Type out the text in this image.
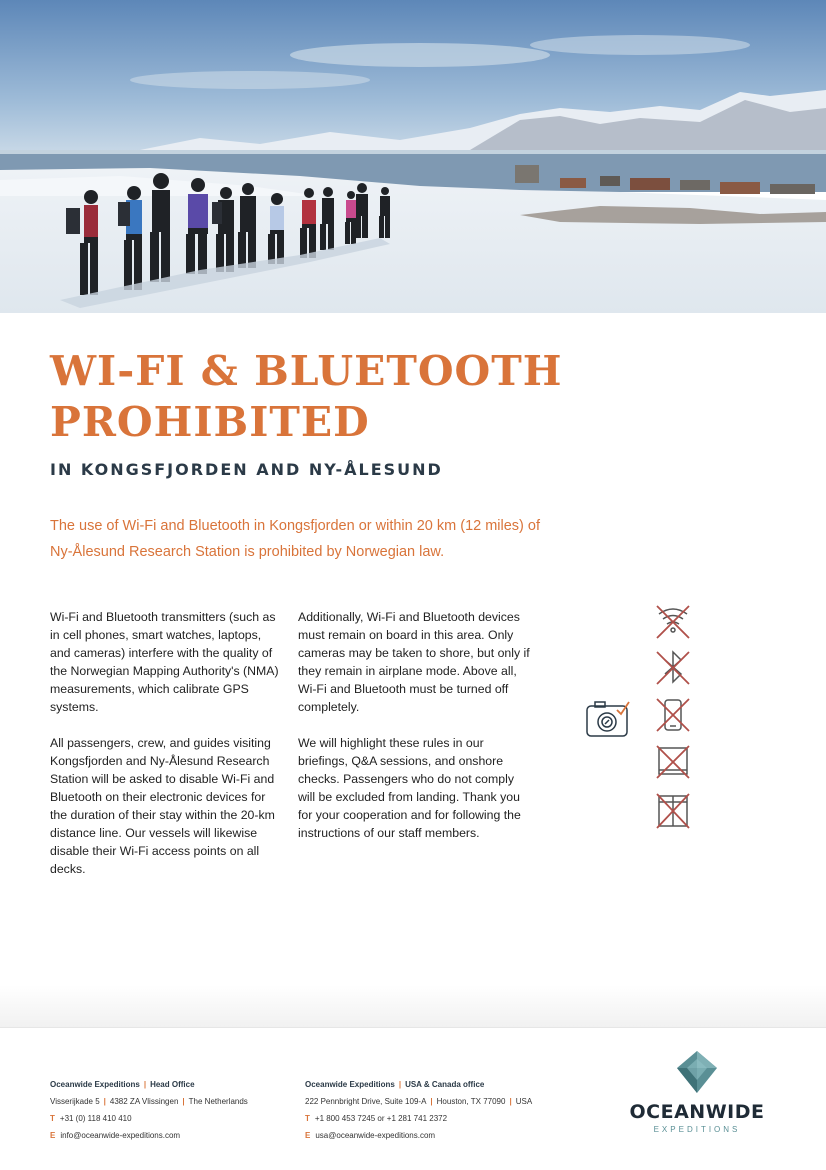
WI-FI & BLUETOOTH PROHIBITED
IN KONGSFJORDEN AND NY-ÅLESUND

The use of Wi-Fi and Bluetooth in Kongsfjorden or within 20 km (12 miles) of Ny-Ålesund Research Station is prohibited by Norwegian law.

Wi-Fi and Bluetooth transmitters (such as in cell phones, smart watches, laptops, and cameras) interfere with the quality of the Norwegian Mapping Authority's (NMA) measurements, which calibrate GPS systems.

All passengers, crew, and guides visiting Kongsfjorden and Ny-Ålesund Research Station will be asked to disable Wi-Fi and Bluetooth on their electronic devices for the duration of their stay within the 20-km distance line. Our vessels will likewise disable their Wi-Fi access points on all decks.

Additionally, Wi-Fi and Bluetooth devices must remain on board in this area. Only cameras may be taken to shore, but only if they remain in airplane mode. Above all, Wi-Fi and Bluetooth must be turned off completely.

We will highlight these rules in our briefings, Q&A sessions, and onshore checks. Passengers who do not comply will be excluded from landing. Thank you for your cooperation and for following the instructions of our staff members.

Oceanwide Expeditions | Head Office
Visserijkade 5 | 4382 ZA Vlissingen | The Netherlands
T +31 (0) 118 410 410
E info@oceanwide-expeditions.com
Oceanwide Expeditions | USA & Canada office
222 Pennbright Drive, Suite 109-A | Houston, TX 77090 | USA
T +1 800 453 7245 or +1 281 741 2372
E usa@oceanwide-expeditions.com
OCEANWIDE
EXPEDITIONS
